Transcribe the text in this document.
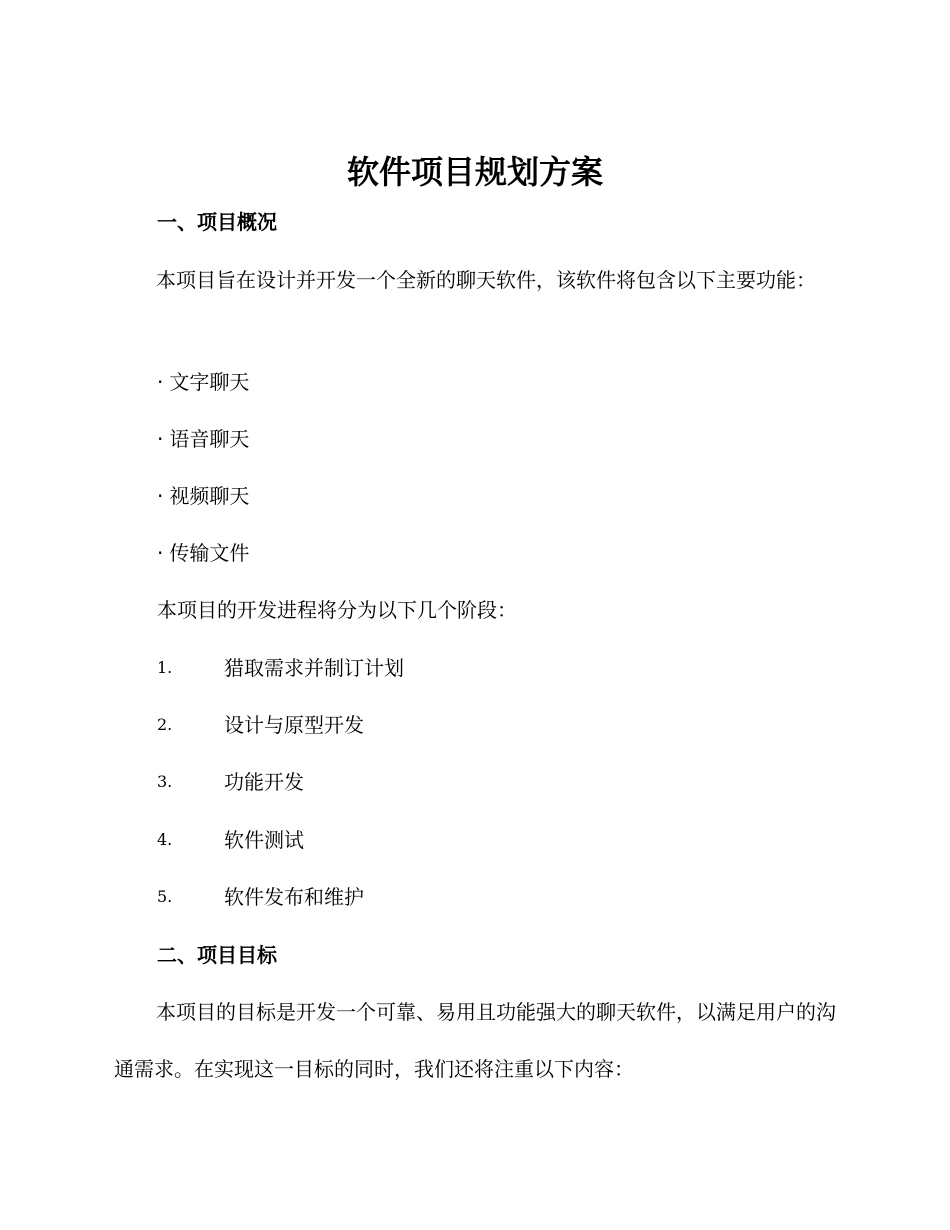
软件项目规划方案
一、项目概况

本项目旨在设计并开发一个全新的聊天软件，该软件将包含以下主要功能：

· 文字聊天
· 语音聊天
· 视频聊天
· 传输文件
本项目的开发进程将分为以下几个阶段：
1.	猎取需求并制订计划
2.	设计与原型开发
3.	功能开发
4.	软件测试
5.	软件发布和维护
二、项目目标

本项目的目标是开发一个可靠、易用且功能强大的聊天软件，以满足用户的沟通需求。在实现这一目标的同时，我们还将注重以下内容：
